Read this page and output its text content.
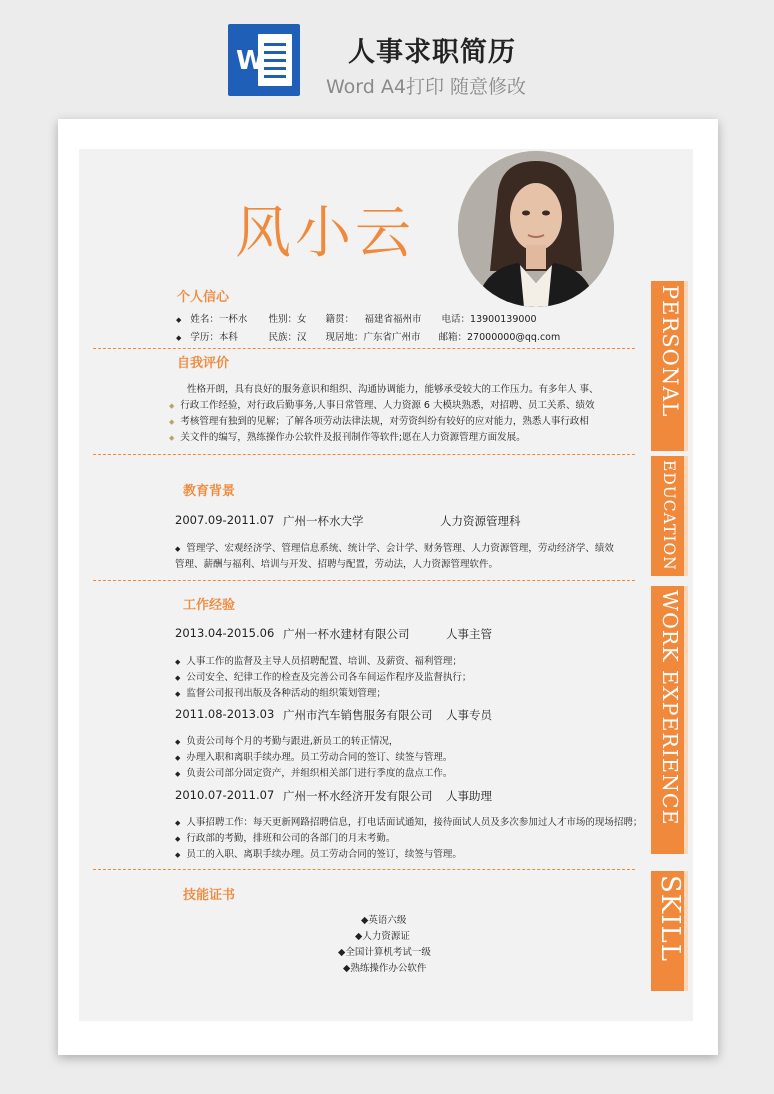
W	人事求职简历
Word A4打印 随意修改
风小云
个人信心
◆ 姓名：一杯水 性别：女 籍贯： 福建省福州市 电话：13900139000
◆ 学历：本科	民族：汉 现居地：广东省广州市 邮箱：27000000@qq.com
自我评价
性格开朗，具有良好的服务意识和组织、沟通协调能力，能够承受较大的工作压力。有多年人 事、
◆ 行政工作经验，对行政后勤事务,人事日常管理、人力资源 6 大模块熟悉，对招聘、员工关系、绩效
◆ 考核管理有独到的见解；了解各项劳动法律法规，对劳资纠纷有较好的应对能力，熟悉人事行政相
◆ 关文件的编写，熟练操作办公软件及报刊制作等软件;愿在人力资源管理方面发展。
教育背景
2007.09-2011.07 广州一杯水大学	人力资源管理科
◆ 管理学、宏观经济学、管理信息系统、统计学、会计学、财务管理、人力资源管理，劳动经济学、绩效
管理、薪酬与福利、培训与开发、招聘与配置，劳动法，人力资源管理软件。
工作经验
2013.04-2015.06 广州一杯水建材有限公司	人事主管
◆ 人事工作的监督及主导人员招聘配置、培训、及薪资、福利管理；
◆ 公司安全、纪律工作的检查及完善公司各车间运作程序及监督执行；
◆ 监督公司报刊出版及各种活动的组织策划管理；
2011.08-2013.03 广州市汽车销售服务有限公司 人事专员
◆ 负责公司每个月的考勤与跟进,新员工的转正情况，
◆ 办理入职和离职手续办理。员工劳动合同的签订、续签与管理。
◆ 负责公司部分固定资产，并组织相关部门进行季度的盘点工作。
2010.07-2011.07 广州一杯水经济开发有限公司 人事助理
◆ 人事招聘工作：每天更新网路招聘信息，打电话面试通知，接待面试人员及多次参加过人才市场的现场招聘；
◆ 行政部的考勤，排班和公司的各部门的月末考勤。
◆ 员工的入职、离职手续办理。员工劳动合同的签订，续签与管理。
技能证书
◆英语六级
◆人力资源证
◆全国计算机考试一级
◆熟练操作办公软件
PERSONAL
EDUCATION
WORK EXPERIENCE
SKILL
